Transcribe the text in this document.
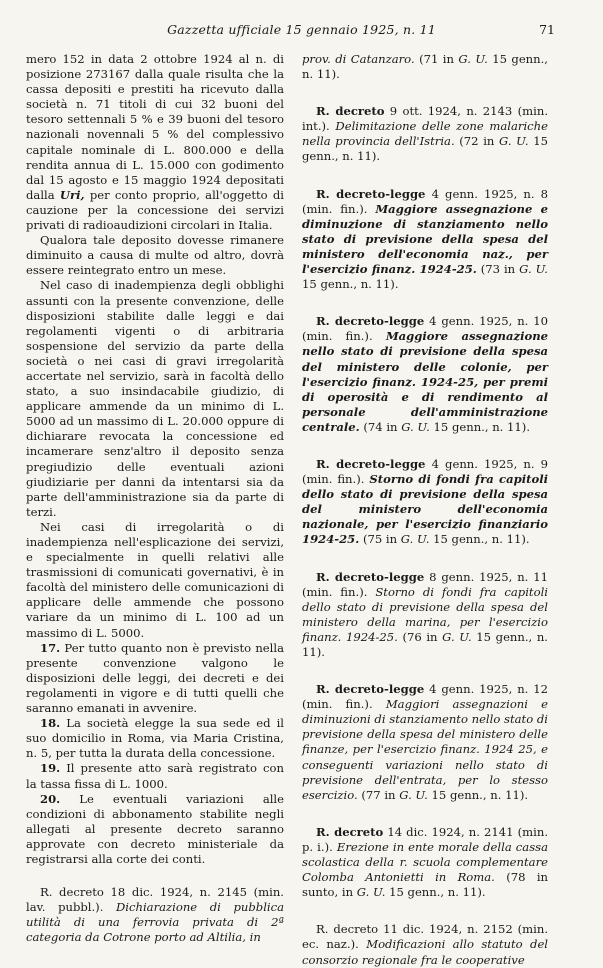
Gazzetta ufficiale 15 gennaio 1925, n. 11	71

mero 152 in data 2 ottobre 1924 al n. di posizione 273167 dalla quale risulta che la cassa depositi e prestiti ha ricevuto dalla società n. 71 titoli di cui 32 buoni del tesoro settennali 5 % e 39 buoni del tesoro nazionali novennali 5 % del complessivo capitale nominale di L. 800.000 e della rendita annua di L. 15.000 con godimento dal 15 agosto e 15 maggio 1924 depositati dalla Uri, per conto proprio, all'oggetto di cauzione per la concessione dei servizi privati di radioaudizioni circolari in Italia.

Qualora tale deposito dovesse rimanere diminuito a causa di multe od altro, dovrà essere reintegrato entro un mese.

Nel caso di inadempienza degli obblighi assunti con la presente convenzione, delle disposizioni stabilite dalle leggi e dai regolamenti vigenti o di arbitraria sospensione del servizio da parte della società o nei casi di gravi irregolarità accertate nel servizio, sarà in facoltà dello stato, a suo insindacabile giudizio, di applicare ammende da un minimo di L. 5000 ad un massimo di L. 20.000 oppure di dichiarare revocata la concessione ed incamerare senz'altro il deposito senza pregiudizio delle eventuali azioni giudiziarie per danni da intentarsi sia da parte dell'amministrazione sia da parte di terzi.

Nei casi di irregolarità o di inadempienza nell'esplicazione dei servizi, e specialmente in quelli relativi alle trasmissioni di comunicati governativi, è in facoltà del ministero delle comunicazioni di applicare delle ammende che possono variare da un minimo di L. 100 ad un massimo di L. 5000.

17. Per tutto quanto non è previsto nella presente convenzione valgono le disposizioni delle leggi, dei decreti e dei regolamenti in vigore e di tutti quelli che saranno emanati in avvenire.

18. La società elegge la sua sede ed il suo domicilio in Roma, via Maria Cristina, n. 5, per tutta la durata della concessione.

19. Il presente atto sarà registrato con la tassa fissa di L. 1000.

20. Le eventuali variazioni alle condizioni di abbonamento stabilite negli allegati al presente decreto saranno approvate con decreto ministeriale da registrarsi alla corte dei conti.

R. decreto 18 dic. 1924, n. 2145 (min. lav. pubbl.). Dichiarazione di pubblica utilità di una ferrovia privata di 2ª categoria da Cotrone porto ad Altilia, in

prov. di Catanzaro. (71 in G. U. 15 genn., n. 11).

R. decreto 9 ott. 1924, n. 2143 (min. int.). Delimitazione delle zone malariche nella provincia dell'Istria. (72 in G. U. 15 genn., n. 11).

R. decreto-legge 4 genn. 1925, n. 8 (min. fin.). Maggiore assegnazione e diminuzione di stanziamento nello stato di previsione della spesa del ministero dell'economia naz., per l'esercizio finanz. 1924-25. (73 in G. U. 15 genn., n. 11).

R. decreto-legge 4 genn. 1925, n. 10 (min. fin.). Maggiore assegnazione nello stato di previsione della spesa del ministero delle colonie, per l'esercizio finanz. 1924-25, per premi di operosità e di rendimento al personale dell'amministrazione centrale. (74 in G. U. 15 genn., n. 11).

R. decreto-legge 4 genn. 1925, n. 9 (min. fin.). Storno di fondi fra capitoli dello stato di previsione della spesa del ministero dell'economia nazionale, per l'esercizio finanziario 1924-25. (75 in G. U. 15 genn., n. 11).

R. decreto-legge 8 genn. 1925, n. 11 (min. fin.). Storno di fondi fra capitoli dello stato di previsione della spesa del ministero della marina, per l'esercizio finanz. 1924-25. (76 in G. U. 15 genn., n. 11).

R. decreto-legge 4 genn. 1925, n. 12 (min. fin.). Maggiori assegnazioni e diminuzioni di stanziamento nello stato di previsione della spesa del ministero delle finanze, per l'esercizio finanz. 1924 25, e conseguenti variazioni nello stato di previsione dell'entrata, per lo stesso esercizio. (77 in G. U. 15 genn., n. 11).

R. decreto 14 dic. 1924, n. 2141 (min. p. i.). Erezione in ente morale della cassa scolastica della r. scuola complementare Colomba Antonietti in Roma. (78 in sunto, in G. U. 15 genn., n. 11).

R. decreto 11 dic. 1924, n. 2152 (min. ec. naz.). Modificazioni allo statuto del consorzio regionale fra le cooperative
